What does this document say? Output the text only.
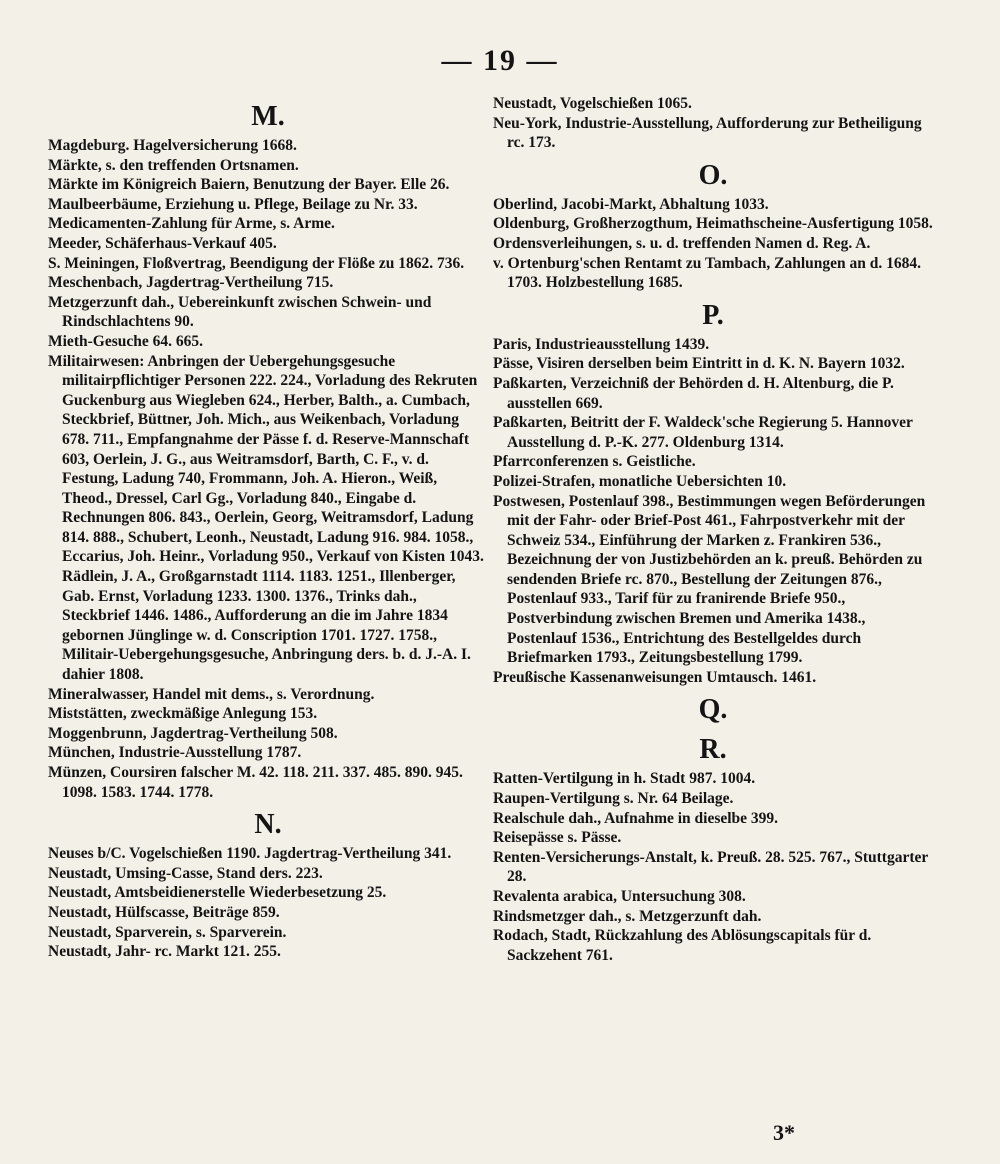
— 19 —
M.

Magdeburg. Hagelversicherung 1668.

Märkte, s. den treffenden Ortsnamen.

Märkte im Königreich Baiern, Benutzung der Bayer. Elle 26.

Maulbeerbäume, Erziehung u. Pflege, Beilage zu Nr. 33.

Medicamenten-Zahlung für Arme, s. Arme.

Meeder, Schäferhaus-Verkauf 405.

S. Meiningen, Floßvertrag, Beendigung der Flöße zu 1862. 736.

Meschenbach, Jagdertrag-Vertheilung 715.

Metzgerzunft dah., Uebereinkunft zwischen Schwein- und Rindschlachtens 90.

Mieth-Gesuche 64. 665.

Militairwesen: Anbringen der Uebergehungsgesuche militairpflichtiger Personen 222. 224., Vorladung des Rekruten Guckenburg aus Wiegleben 624., Herber, Balth., a. Cumbach, Steckbrief, Büttner, Joh. Mich., aus Weikenbach, Vorladung 678. 711., Empfangnahme der Pässe f. d. Reserve-Mannschaft 603, Oerlein, J. G., aus Weitramsdorf, Barth, C. F., v. d. Festung, Ladung 740, Frommann, Joh. A. Hieron., Weiß, Theod., Dressel, Carl Gg., Vorladung 840., Eingabe d. Rechnungen 806. 843., Oerlein, Georg, Weitramsdorf, Ladung 814. 888., Schubert, Leonh., Neustadt, Ladung 916. 984. 1058., Eccarius, Joh. Heinr., Vorladung 950., Verkauf von Kisten 1043. Rädlein, J. A., Großgarnstadt 1114. 1183. 1251., Illenberger, Gab. Ernst, Vorladung 1233. 1300. 1376., Trinks dah., Steckbrief 1446. 1486., Aufforderung an die im Jahre 1834 gebornen Jünglinge w. d. Conscription 1701. 1727. 1758., Militair-Uebergehungsgesuche, Anbringung ders. b. d. J.-A. I. dahier 1808.

Mineralwasser, Handel mit dems., s. Verordnung.

Miststätten, zweckmäßige Anlegung 153.

Moggenbrunn, Jagdertrag-Vertheilung 508.

München, Industrie-Ausstellung 1787.

Münzen, Coursiren falscher M. 42. 118. 211. 337. 485. 890. 945. 1098. 1583. 1744. 1778.

N.

Neuses b/C. Vogelschießen 1190. Jagdertrag-Vertheilung 341.

Neustadt, Umsing-Casse, Stand ders. 223.

Neustadt, Amtsbeidienerstelle Wiederbesetzung 25.

Neustadt, Hülfscasse, Beiträge 859.

Neustadt, Sparverein, s. Sparverein.

Neustadt, Jahr- rc. Markt 121. 255.

Neustadt, Vogelschießen 1065.

Neu-York, Industrie-Ausstellung, Aufforderung zur Betheiligung rc. 173.

O.

Oberlind, Jacobi-Markt, Abhaltung 1033.

Oldenburg, Großherzogthum, Heimathscheine-Ausfertigung 1058.

Ordensverleihungen, s. u. d. treffenden Namen d. Reg. A.

v. Ortenburg'schen Rentamt zu Tambach, Zahlungen an d. 1684. 1703. Holzbestellung 1685.

P.

Paris, Industrieausstellung 1439.

Pässe, Visiren derselben beim Eintritt in d. K. N. Bayern 1032.

Paßkarten, Verzeichniß der Behörden d. H. Altenburg, die P. ausstellen 669.

Paßkarten, Beitritt der F. Waldeck'sche Regierung 5. Hannover Ausstellung d. P.-K. 277. Oldenburg 1314.

Pfarrconferenzen s. Geistliche.

Polizei-Strafen, monatliche Uebersichten 10.

Postwesen, Postenlauf 398., Bestimmungen wegen Beförderungen mit der Fahr- oder Brief-Post 461., Fahrpostverkehr mit der Schweiz 534., Einführung der Marken z. Frankiren 536., Bezeichnung der von Justizbehörden an k. preuß. Behörden zu sendenden Briefe rc. 870., Bestellung der Zeitungen 876., Postenlauf 933., Tarif für zu franirende Briefe 950., Postverbindung zwischen Bremen und Amerika 1438., Postenlauf 1536., Entrichtung des Bestellgeldes durch Briefmarken 1793., Zeitungsbestellung 1799.

Preußische Kassenanweisungen Umtausch. 1461.

Q.
R.

Ratten-Vertilgung in h. Stadt 987. 1004.

Raupen-Vertilgung s. Nr. 64 Beilage.

Realschule dah., Aufnahme in dieselbe 399.

Reisepässe s. Pässe.

Renten-Versicherungs-Anstalt, k. Preuß. 28. 525. 767., Stuttgarter 28.

Revalenta arabica, Untersuchung 308.

Rindsmetzger dah., s. Metzgerzunft dah.

Rodach, Stadt, Rückzahlung des Ablösungscapitals für d. Sackzehent 761.

3*
